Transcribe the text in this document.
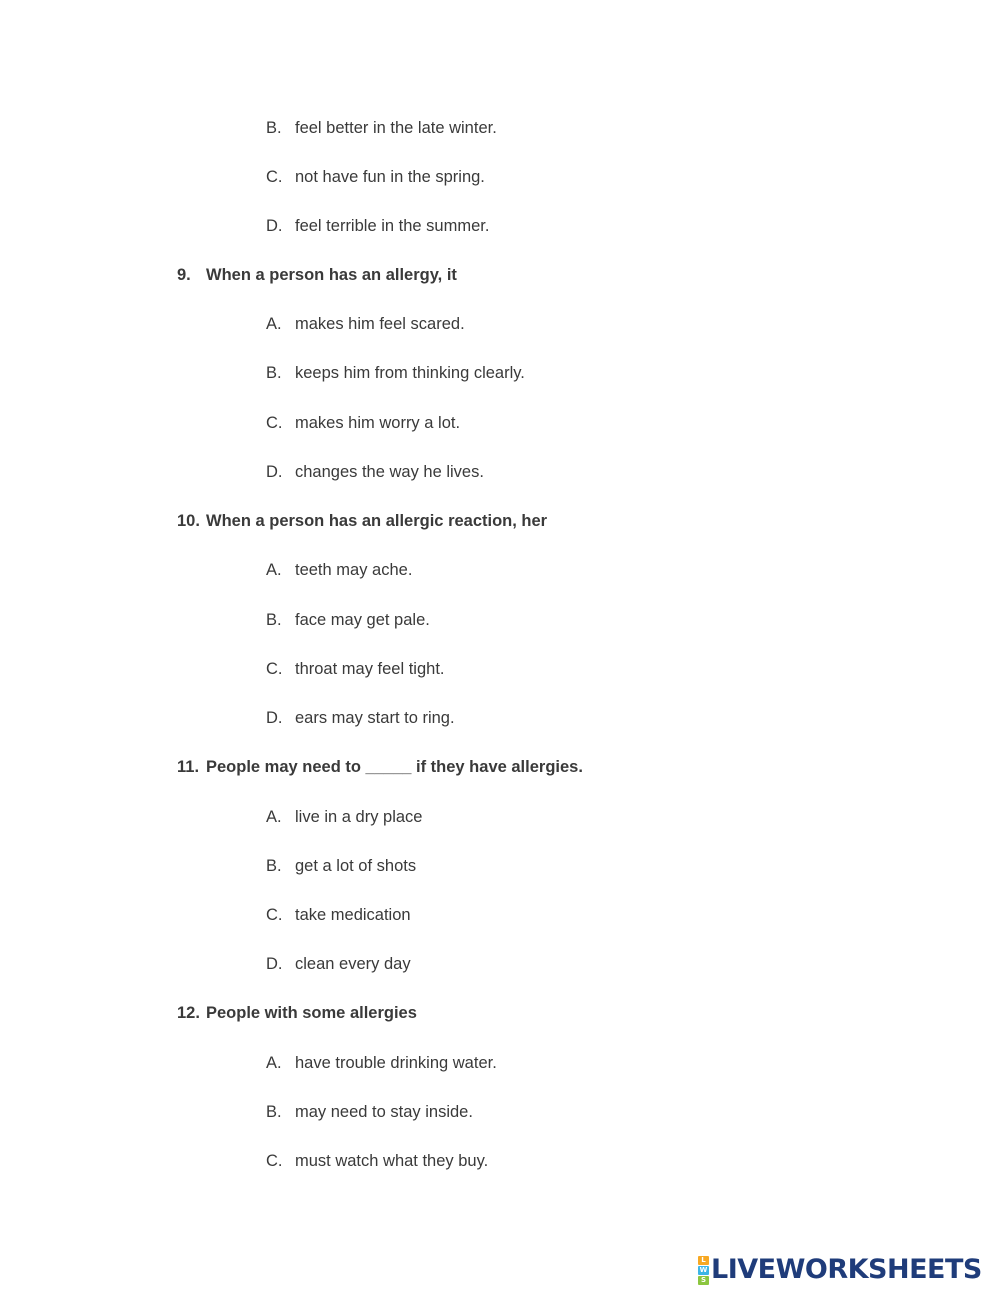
B. feel better in the late winter.
C. not have fun in the spring.
D. feel terrible in the summer.
9. When a person has an allergy, it
A. makes him feel scared.
B. keeps him from thinking clearly.
C. makes him worry a lot.
D. changes the way he lives.
10. When a person has an allergic reaction, her
A. teeth may ache.
B. face may get pale.
C. throat may feel tight.
D. ears may start to ring.
11. People may need to _____ if they have allergies.
A. live in a dry place
B. get a lot of shots
C. take medication
D. clean every day
12. People with some allergies
A. have trouble drinking water.
B. may need to stay inside.
C. must watch what they buy.
L
W
S LIVEWORKSHEETS
